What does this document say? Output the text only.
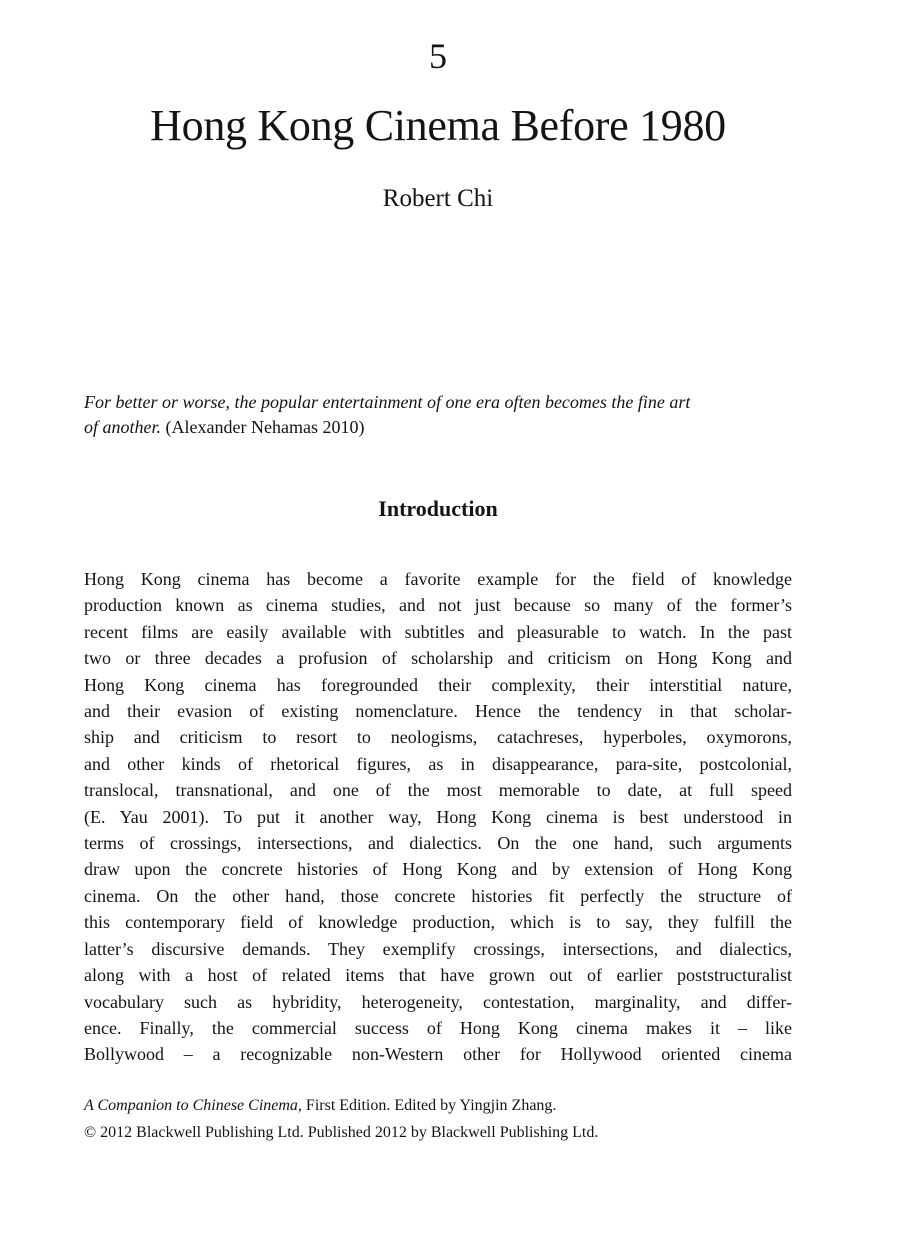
5
Hong Kong Cinema Before 1980
Robert Chi
For better or worse, the popular entertainment of one era often becomes the fine art
of another. (Alexander Nehamas 2010)
Introduction
Hong Kong cinema has become a favorite example for the field of knowledge
production known as cinema studies, and not just because so many of the former’s
recent films are easily available with subtitles and pleasurable to watch. In the past
two or three decades a profusion of scholarship and criticism on Hong Kong and
Hong Kong cinema has foregrounded their complexity, their interstitial nature,
and their evasion of existing nomenclature. Hence the tendency in that scholar-
ship and criticism to resort to neologisms, catachreses, hyperboles, oxymorons,
and other kinds of rhetorical figures, as in disappearance, para-site, postcolonial,
translocal, transnational, and one of the most memorable to date, at full speed
(E. Yau 2001). To put it another way, Hong Kong cinema is best understood in
terms of crossings, intersections, and dialectics. On the one hand, such arguments
draw upon the concrete histories of Hong Kong and by extension of Hong Kong
cinema. On the other hand, those concrete histories fit perfectly the structure of
this contemporary field of knowledge production, which is to say, they fulfill the
latter’s discursive demands. They exemplify crossings, intersections, and dialectics,
along with a host of related items that have grown out of earlier poststructuralist
vocabulary such as hybridity, heterogeneity, contestation, marginality, and differ-
ence. Finally, the commercial success of Hong Kong cinema makes it – like
Bollywood – a recognizable non-Western other for Hollywood oriented cinema
A Companion to Chinese Cinema, First Edition. Edited by Yingjin Zhang.
© 2012 Blackwell Publishing Ltd. Published 2012 by Blackwell Publishing Ltd.
